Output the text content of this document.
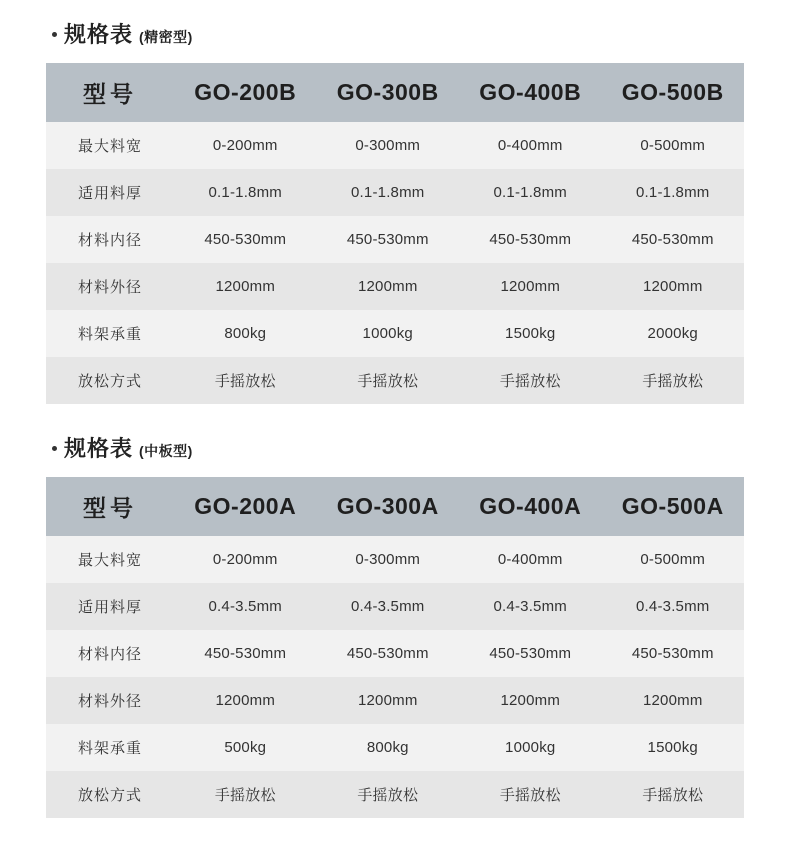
规格表 (精密型)
型号	GO-200B	GO-300B	GO-400B	GO-500B
最大料宽	0-200mm	0-300mm	0-400mm	0-500mm
适用料厚	0.1-1.8mm	0.1-1.8mm	0.1-1.8mm	0.1-1.8mm
材料内径	450-530mm	450-530mm	450-530mm	450-530mm
材料外径	1200mm	1200mm	1200mm	1200mm
料架承重	800kg	1000kg	1500kg	2000kg
放松方式	手摇放松	手摇放松	手摇放松	手摇放松
规格表 (中板型)
型号	GO-200A	GO-300A	GO-400A	GO-500A
最大料宽	0-200mm	0-300mm	0-400mm	0-500mm
适用料厚	0.4-3.5mm	0.4-3.5mm	0.4-3.5mm	0.4-3.5mm
材料内径	450-530mm	450-530mm	450-530mm	450-530mm
材料外径	1200mm	1200mm	1200mm	1200mm
料架承重	500kg	800kg	1000kg	1500kg
放松方式	手摇放松	手摇放松	手摇放松	手摇放松
